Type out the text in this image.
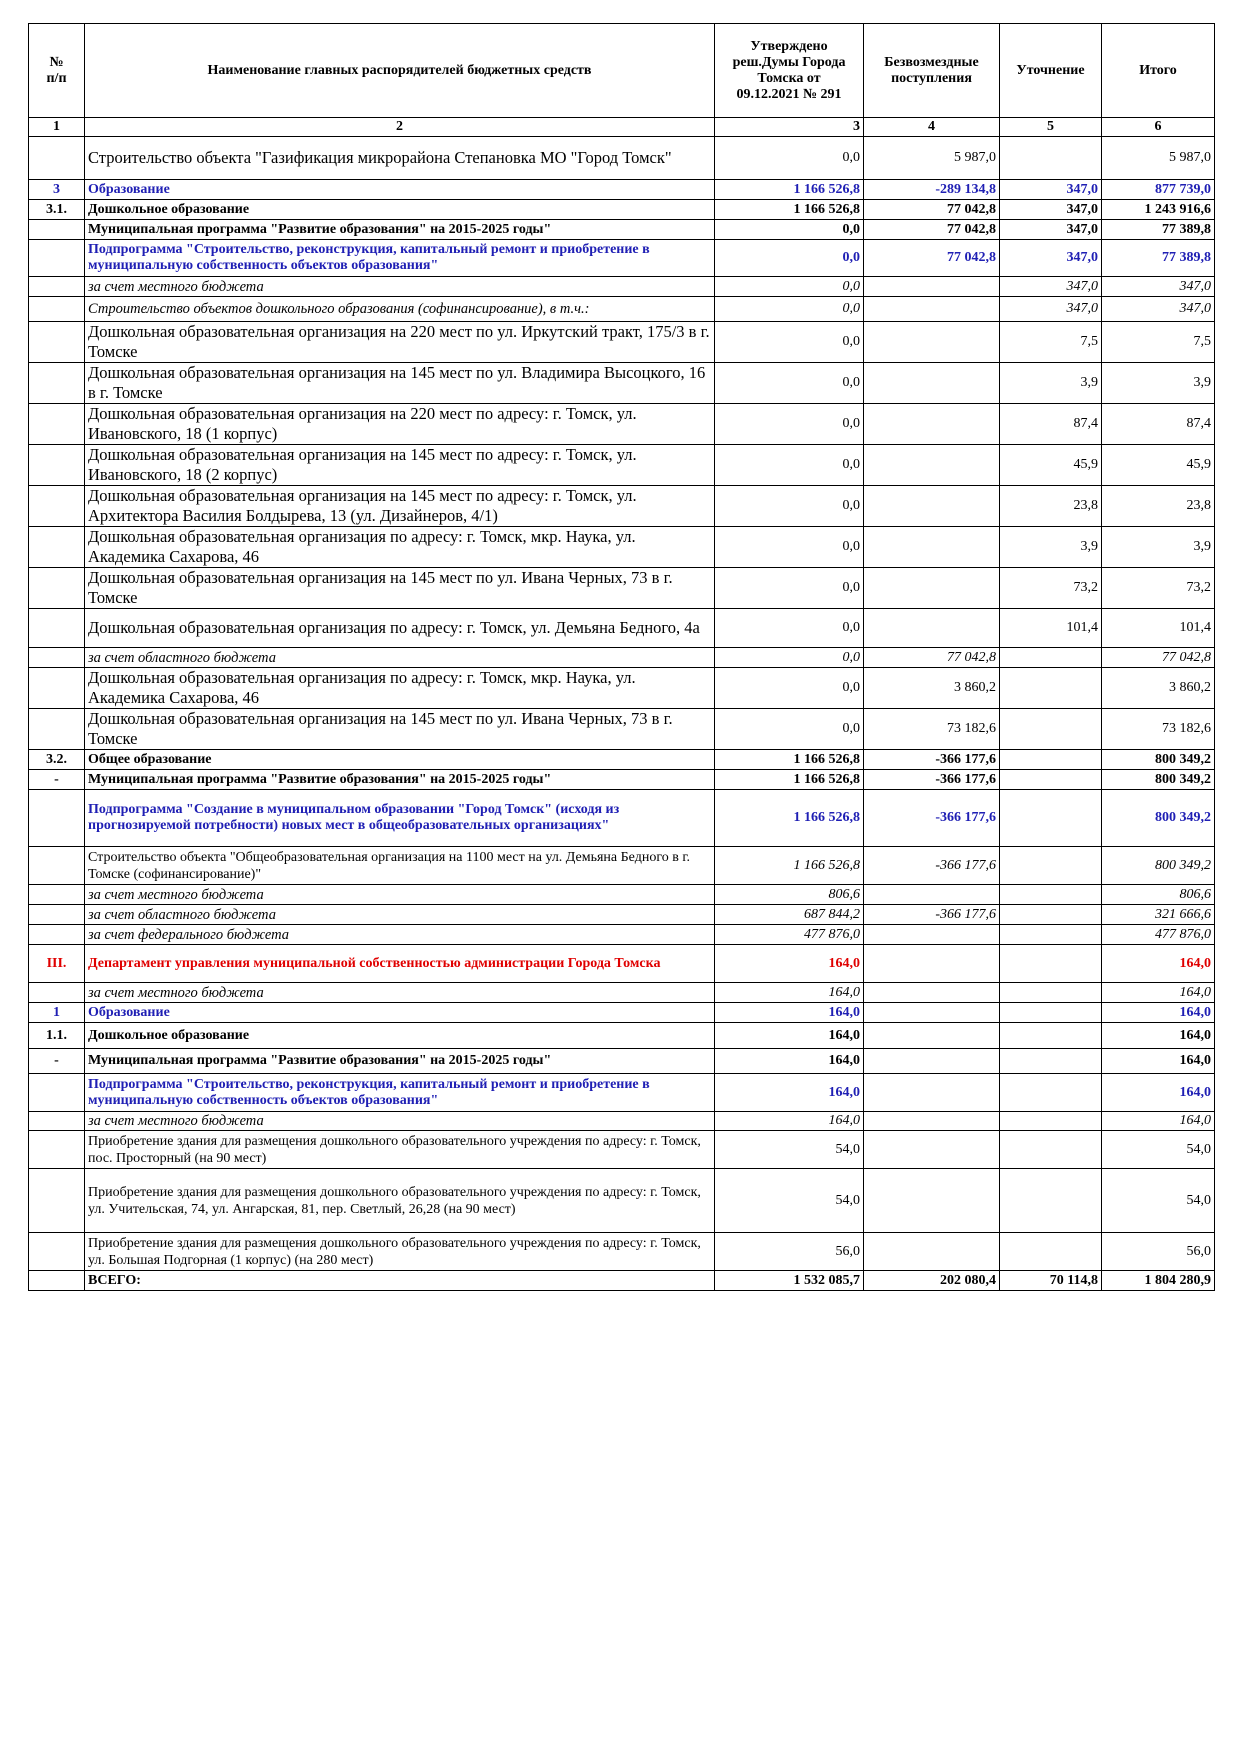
№
п/п	Наименование главных распорядителей бюджетных средств	Утверждено
реш.Думы Города
Томска от
09.12.2021 № 291	Безвозмездные
поступления	Уточнение	Итого
1	2	3	4	5	6
	Строительство объекта "Газификация микрорайона Степановка МО "Город Томск"	0,0	5 987,0		5 987,0
3	Образование	1 166 526,8	-289 134,8	347,0	877 739,0
3.1.	Дошкольное образование	1 166 526,8	77 042,8	347,0	1 243 916,6
	Муниципальная программа "Развитие образования" на 2015-2025 годы"	0,0	77 042,8	347,0	77 389,8
	Подпрограмма "Строительство, реконструкция, капитальный ремонт и приобретение в муниципальную собственность объектов образования"	0,0	77 042,8	347,0	77 389,8
	за счет местного бюджета	0,0		347,0	347,0
	Строительство объектов дошкольного образования (софинансирование), в т.ч.:	0,0		347,0	347,0
	Дошкольная образовательная организация на 220 мест по ул. Иркутский тракт, 175/3 в г. Томске	0,0		7,5	7,5
	Дошкольная образовательная организация на 145 мест по ул. Владимира Высоцкого, 16 в г. Томске	0,0		3,9	3,9
	Дошкольная образовательная организация на 220 мест по адресу: г. Томск, ул. Ивановского, 18 (1 корпус)	0,0		87,4	87,4
	Дошкольная образовательная организация на 145 мест по адресу: г. Томск, ул. Ивановского, 18 (2 корпус)	0,0		45,9	45,9
	Дошкольная образовательная организация на 145 мест по адресу: г. Томск, ул. Архитектора Василия Болдырева, 13 (ул. Дизайнеров, 4/1)	0,0		23,8	23,8
	Дошкольная образовательная организация по адресу: г. Томск, мкр. Наука, ул. Академика Сахарова, 46	0,0		3,9	3,9
	Дошкольная образовательная организация на 145 мест по ул. Ивана Черных, 73 в г. Томске	0,0		73,2	73,2
	Дошкольная образовательная организация по адресу: г. Томск, ул. Демьяна Бедного, 4а	0,0		101,4	101,4
	за счет областного бюджета	0,0	77 042,8		77 042,8
	Дошкольная образовательная организация по адресу: г. Томск, мкр. Наука, ул. Академика Сахарова, 46	0,0	3 860,2		3 860,2
	Дошкольная образовательная организация на 145 мест по ул. Ивана Черных, 73 в г. Томске	0,0	73 182,6		73 182,6
3.2.	Общее образование	1 166 526,8	-366 177,6		800 349,2
-	Муниципальная программа "Развитие образования" на 2015-2025 годы"	1 166 526,8	-366 177,6		800 349,2
	Подпрограмма "Создание в муниципальном образовании "Город Томск" (исходя из прогнозируемой потребности) новых мест в общеобразовательных организациях"	1 166 526,8	-366 177,6		800 349,2
	Строительство объекта "Общеобразовательная организация на 1100 мест на ул. Демьяна Бедного в г. Томске (софинансирование)"	1 166 526,8	-366 177,6		800 349,2
	за счет местного бюджета	806,6			806,6
	за счет областного бюджета	687 844,2	-366 177,6		321 666,6
	за счет федерального бюджета	477 876,0			477 876,0
III.	Департамент управления муниципальной собственностью администрации Города Томска	164,0			164,0
	за счет местного бюджета	164,0			164,0
1	Образование	164,0			164,0
1.1.	Дошкольное образование	164,0			164,0
-	Муниципальная программа "Развитие образования" на 2015-2025 годы"	164,0			164,0
	Подпрограмма "Строительство, реконструкция, капитальный ремонт и приобретение в муниципальную собственность объектов образования"	164,0			164,0
	за счет местного бюджета	164,0			164,0
	Приобретение здания для размещения дошкольного образовательного учреждения по адресу: г. Томск, пос. Просторный (на 90 мест)	54,0			54,0
	Приобретение здания для размещения дошкольного образовательного учреждения по адресу: г. Томск, ул. Учительская, 74, ул. Ангарская, 81, пер. Светлый, 26,28 (на 90 мест)	54,0			54,0
	Приобретение здания для размещения дошкольного образовательного учреждения по адресу: г. Томск, ул. Большая Подгорная (1 корпус) (на 280 мест)	56,0			56,0
	ВСЕГО:	1 532 085,7	202 080,4	70 114,8	1 804 280,9
